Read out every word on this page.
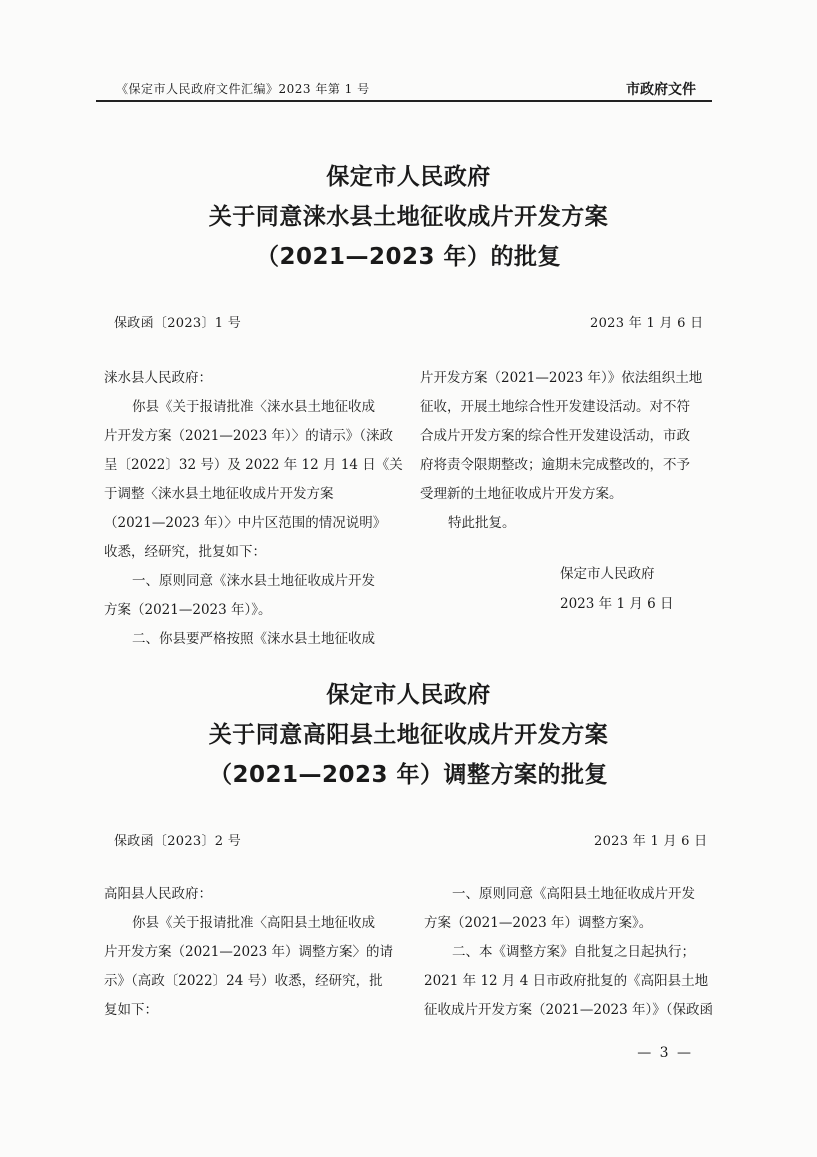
《保定市人民政府文件汇编》2023 年第 1 号	市政府文件
保定市人民政府
关于同意涞水县土地征收成片开发方案
（2021—2023 年）的批复
保政函〔2023〕1 号	2023 年 1 月 6 日
涞水县人民政府：
你县《关于报请批准〈涞水县土地征收成
片开发方案（2021—2023 年）〉的请示》（涞政
呈〔2022〕32 号）及 2022 年 12 月 14 日《关
于调整〈涞水县土地征收成片开发方案
（2021—2023 年）〉中片区范围的情况说明》
收悉，经研究，批复如下：
一、原则同意《涞水县土地征收成片开发
方案（2021—2023 年）》。
二、你县要严格按照《涞水县土地征收成
片开发方案（2021—2023 年）》依法组织土地
征收，开展土地综合性开发建设活动。对不符
合成片开发方案的综合性开发建设活动，市政
府将责令限期整改；逾期未完成整改的，不予
受理新的土地征收成片开发方案。
特此批复。
保定市人民政府
2023 年 1 月 6 日
保定市人民政府
关于同意高阳县土地征收成片开发方案
（2021—2023 年）调整方案的批复
保政函〔2023〕2 号	2023 年 1 月 6 日
高阳县人民政府：
你县《关于报请批准〈高阳县土地征收成
片开发方案（2021—2023 年）调整方案〉的请
示》（高政〔2022〕24 号）收悉，经研究，批
复如下：
一、原则同意《高阳县土地征收成片开发
方案（2021—2023 年）调整方案》。
二、本《调整方案》自批复之日起执行；
2021 年 12 月 4 日市政府批复的《高阳县土地
征收成片开发方案（2021—2023 年）》（保政函
— 3 —
